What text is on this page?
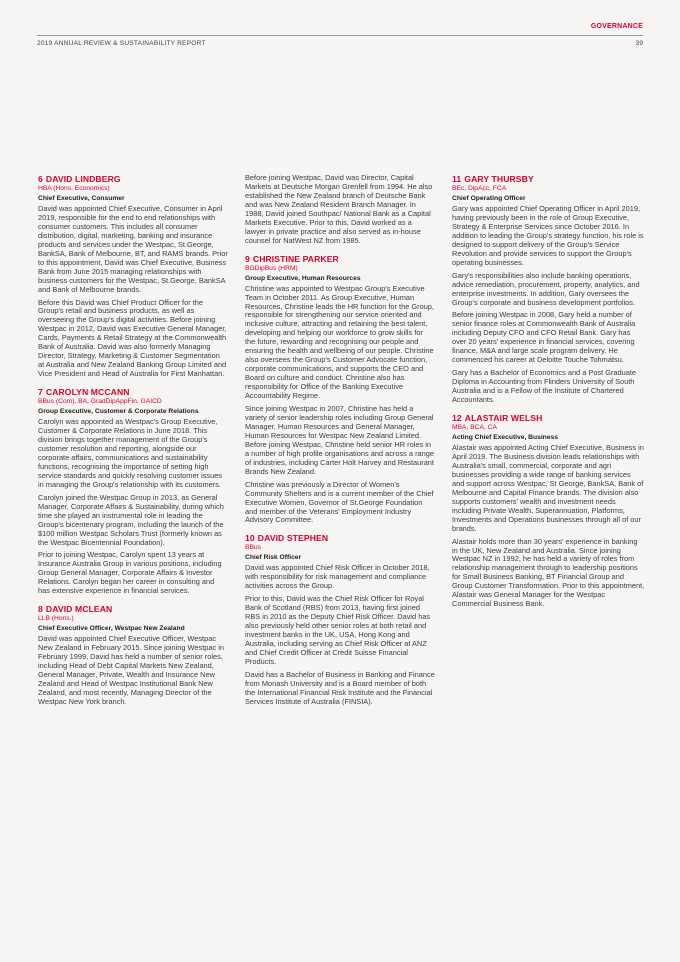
GOVERNANCE
2019 ANNUAL REVIEW & SUSTAINABILITY REPORT	39
6 DAVID LINDBERG
HBA (Hons. Economics)
Chief Executive, Consumer

David was appointed Chief Executive, Consumer in April 2019, responsible for the end to end relationships with consumer customers. This includes all consumer distribution, digital, marketing, banking and insurance products and services under the Westpac, St.George, BankSA, Bank of Melbourne, BT, and RAMS brands. Prior to this appointment, David was Chief Executive, Business Bank from June 2015 managing relationships with business customers for the Westpac, St.George, BankSA and Bank of Melbourne brands.

Before this David was Chief Product Officer for the Group's retail and business products, as well as overseeing the Group's digital activities. Before joining Westpac in 2012, David was Executive General Manager, Cards, Payments & Retail Strategy at the Commonwealth Bank of Australia. David was also formerly Managing Director, Strategy, Marketing & Customer Segmentation at Australia and New Zealand Banking Group Limited and Vice President and Head of Australia for First Manhattan.

7 CAROLYN MCCANN
BBus (Com), BA, GradDipAppFin, GAICD
Group Executive, Customer & Corporate Relations

Carolyn was appointed as Westpac's Group Executive, Customer & Corporate Relations in June 2018. This division brings together management of the Group's customer resolution and reporting, alongside our corporate affairs, communications and sustainability functions, recognising the importance of setting high service standards and quickly resolving customer issues in managing the Group's relationship with its customers.

Carolyn joined the Westpac Group in 2013, as General Manager, Corporate Affairs & Sustainability, during which time she played an instrumental role in leading the Group's bicentenary program, including the launch of the $100 million Westpac Scholars Trust (formerly known as the Westpac Bicentennial Foundation).

Prior to joining Westpac, Carolyn spent 13 years at Insurance Australia Group in various positions, including Group General Manager, Corporate Affairs & Investor Relations. Carolyn began her career in consulting and has extensive experience in financial services.

8 DAVID MCLEAN
LLB (Hons.)
Chief Executive Officer, Westpac New Zealand

David was appointed Chief Executive Officer, Westpac New Zealand in February 2015. Since joining Westpac in February 1999, David has held a number of senior roles, including Head of Debt Capital Markets New Zealand, General Manager, Private, Wealth and Insurance New Zealand and Head of Westpac Institutional Bank New Zealand, and most recently, Managing Director of the Westpac New York branch.

Before joining Westpac, David was Director, Capital Markets at Deutsche Morgan Grenfell from 1994. He also established the New Zealand branch of Deutsche Bank and was New Zealand Resident Branch Manager. In 1988, David joined Southpac/ National Bank as a Capital Markets Executive. Prior to this, David worked as a lawyer in private practice and also served as in-house counsel for NatWest NZ from 1985.

9 CHRISTINE PARKER
BGDipBus (HRM)
Group Executive, Human Resources

Christine was appointed to Westpac Group's Executive Team in October 2011. As Group Executive, Human Resources, Christine leads the HR function for the Group, responsible for strengthening our service oriented and inclusive culture, attracting and retaining the best talent, developing and helping our workforce to grow skills for the future, rewarding and recognising our people and ensuring the health and wellbeing of our people. Christine also oversees the Group's Customer Advocate function, corporate communications, and supports the CEO and Board on culture and conduct. Christine also has responsibility for Office of the Banking Executive Accountability Regime.

Since joining Westpac in 2007, Christine has held a variety of senior leadership roles including Group General Manager, Human Resources and General Manager, Human Resources for Westpac New Zealand Limited. Before joining Westpac, Christine held senior HR roles in a number of high profile organisations and across a range of industries, including Carter Holt Harvey and Restaurant Brands New Zealand.

Christine was previously a Director of Women's Community Shelters and is a current member of the Chief Executive Women, Governor of St.George Foundation and member of the Veterans' Employment Industry Advisory Committee.

10 DAVID STEPHEN
BBus
Chief Risk Officer

David was appointed Chief Risk Officer in October 2018, with responsibility for risk management and compliance activities across the Group.

Prior to this, David was the Chief Risk Officer for Royal Bank of Scotland (RBS) from 2013, having first joined RBS in 2010 as the Deputy Chief Risk Officer. David has also previously held other senior roles at both retail and investment banks in the UK, USA, Hong Kong and Australia, including serving as Chief Risk Officer at ANZ and Chief Credit Officer at Credit Suisse Financial Products.

David has a Bachelor of Business in Banking and Finance from Monash University and is a Board member of both the International Financial Risk Institute and the Financial Services Institute of Australia (FINSIA).

11 GARY THURSBY
BEc, DipAcc, FCA
Chief Operating Officer

Gary was appointed Chief Operating Officer in April 2019, having previously been in the role of Group Executive, Strategy & Enterprise Services since October 2016. In addition to leading the Group's strategy function, his role is designed to support delivery of the Group's Service Revolution and provide services to support the Group's operating businesses.

Gary's responsibilities also include banking operations, advice remediation, procurement, property, analytics, and enterprise investments. In addition, Gary oversees the Group's corporate and business development portfolios.

Before joining Westpac in 2008, Gary held a number of senior finance roles at Commonwealth Bank of Australia including Deputy CFO and CFO Retail Bank. Gary has over 20 years' experience in financial services, covering finance, M&A and large scale program delivery. He commenced his career at Deloitte Touche Tohmatsu.

Gary has a Bachelor of Economics and a Post Graduate Diploma in Accounting from Flinders University of South Australia and is a Fellow of the Institute of Chartered Accountants.

12 ALASTAIR WELSH
MBA, BCA, CA
Acting Chief Executive, Business

Alastair was appointed Acting Chief Executive, Business in April 2019. The Business division leads relationships with Australia's small, commercial, corporate and agri businesses providing a wide range of banking services and support across Westpac, St George, BankSA, Bank of Melbourne and Capital Finance brands. The division also supports customers' wealth and investment needs including Private Wealth, Superannuation, Platforms, Investments and Operations businesses through all of our brands.

Alastair holds more than 30 years' experience in banking in the UK, New Zealand and Australia. Since joining Westpac NZ in 1992, he has held a variety of roles from relationship management through to leadership positions for Small Business Banking, BT Financial Group and Group Customer Transformation. Prior to this appointment, Alastair was General Manager for the Westpac Commercial Business Bank.
